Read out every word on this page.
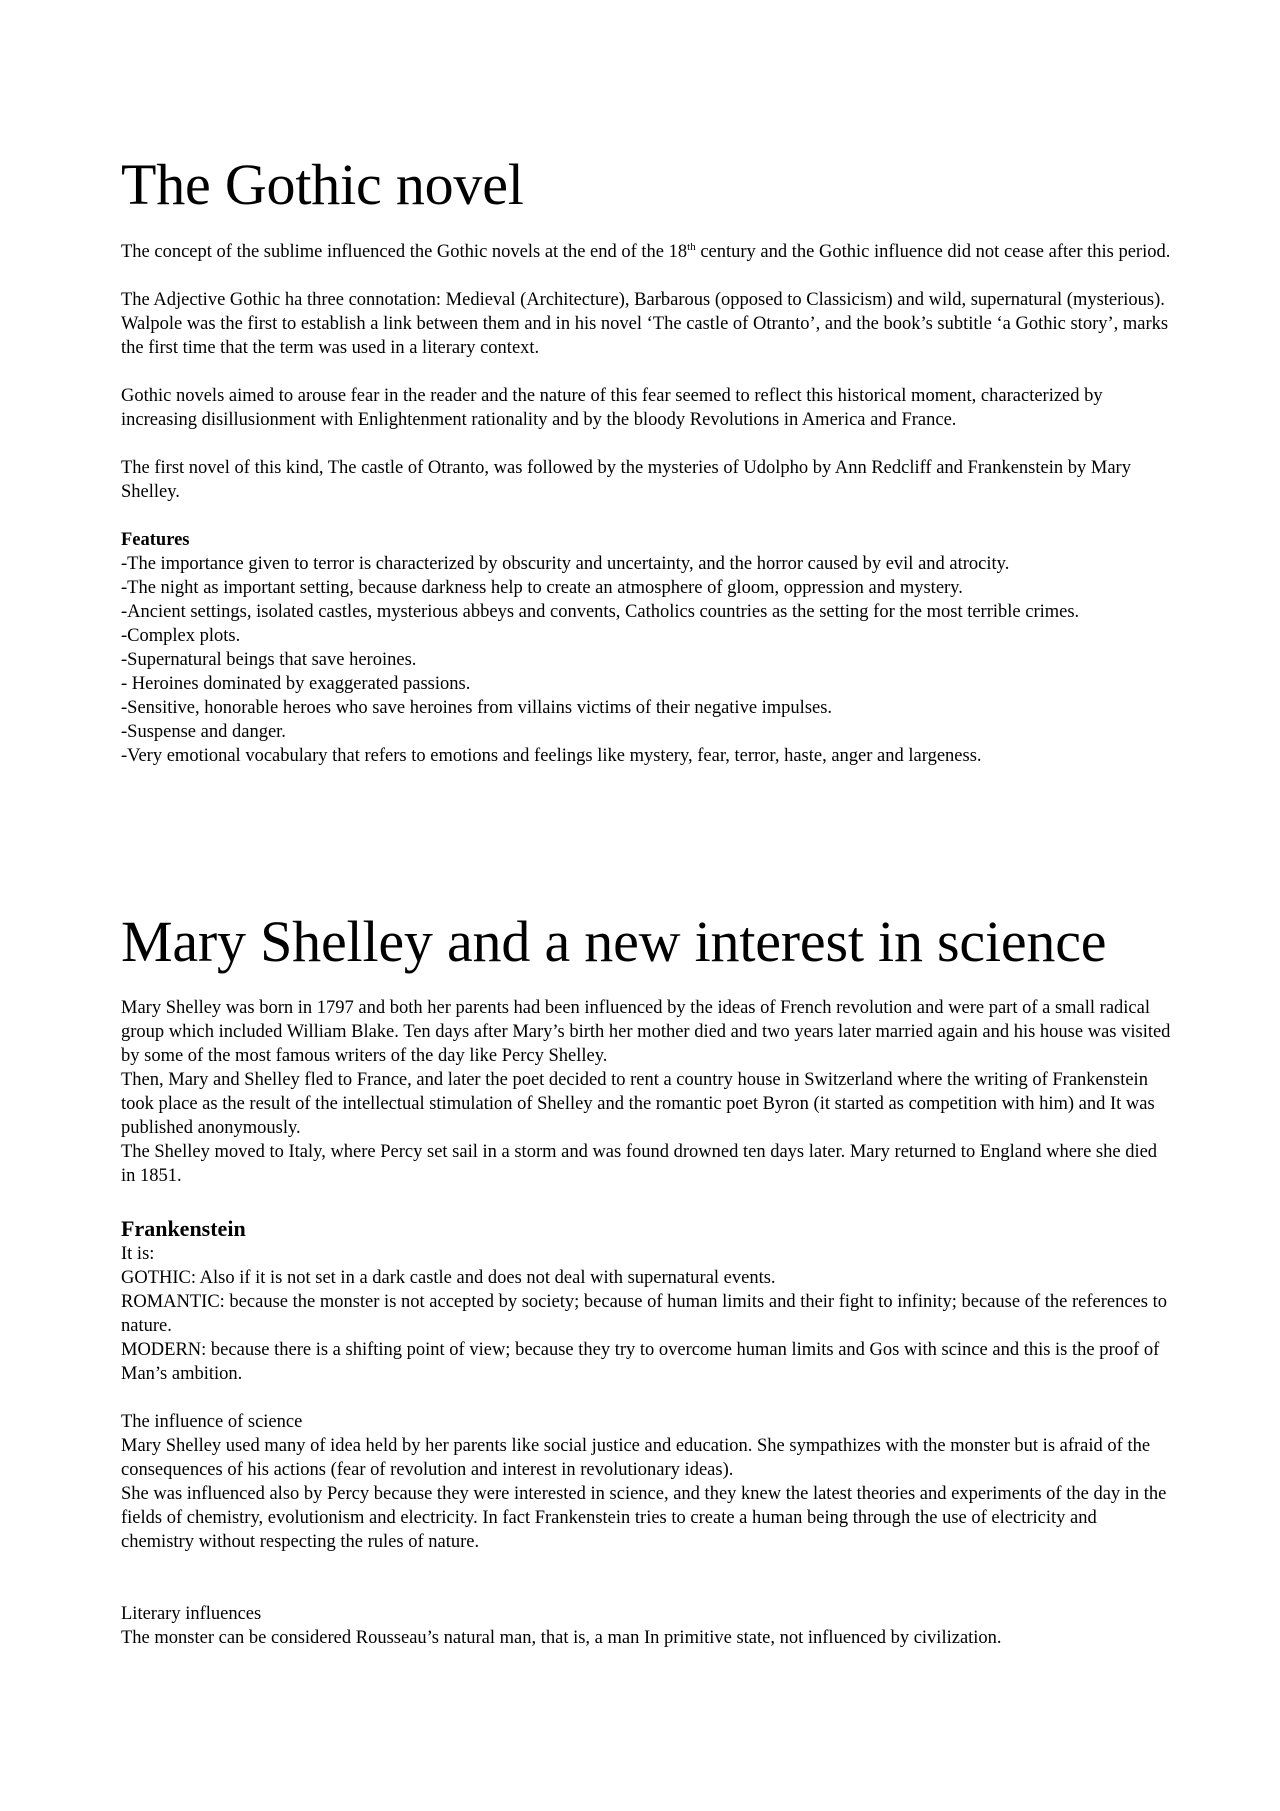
The Gothic novel

The concept of the sublime influenced the Gothic novels at the end of the 18th century and the Gothic influence did not cease after this period.

The Adjective Gothic ha three connotation: Medieval (Architecture), Barbarous (opposed to Classicism) and wild, supernatural (mysterious).

Walpole was the first to establish a link between them and in his novel ‘The castle of Otranto’, and the book’s subtitle ‘a Gothic story’, marks the first time that the term was used in a literary context.

Gothic novels aimed to arouse fear in the reader and the nature of this fear seemed to reflect this historical moment, characterized by increasing disillusionment with Enlightenment rationality and by the bloody Revolutions in America and France.

The first novel of this kind, The castle of Otranto, was followed by the mysteries of Udolpho by Ann Redcliff and Frankenstein by Mary Shelley.

Features

-The importance given to terror is characterized by obscurity and uncertainty, and the horror caused by evil and atrocity.

-The night as important setting, because darkness help to create an atmosphere of gloom, oppression and mystery.

-Ancient settings, isolated castles, mysterious abbeys and convents, Catholics countries as the setting for the most terrible crimes.

-Complex plots.

-Supernatural beings that save heroines.

- Heroines dominated by exaggerated passions.

-Sensitive, honorable heroes who save heroines from villains victims of their negative impulses.

-Suspense and danger.

-Very emotional vocabulary that refers to emotions and feelings like mystery, fear, terror, haste, anger and largeness.

Mary Shelley and a new interest in science

Mary Shelley was born in 1797 and both her parents had been influenced by the ideas of French revolution and were part of a small radical group which included William Blake. Ten days after Mary’s birth her mother died and two years later married again and his house was visited by some of the most famous writers of the day like Percy Shelley.

Then, Mary and Shelley fled to France, and later the poet decided to rent a country house in Switzerland where the writing of Frankenstein took place as the result of the intellectual stimulation of Shelley and the romantic poet Byron (it started as competition with him) and It was published anonymously.

The Shelley moved to Italy, where Percy set sail in a storm and was found drowned ten days later. Mary returned to England where she died in 1851.

Frankenstein

It is:

GOTHIC: Also if it is not set in a dark castle and does not deal with supernatural events.

ROMANTIC: because the monster is not accepted by society; because of human limits and their fight to infinity; because of the references to nature.

MODERN: because there is a shifting point of view; because they try to overcome human limits and Gos with scince and this is the proof of Man’s ambition.

The influence of science

Mary Shelley used many of idea held by her parents like social justice and education. She sympathizes with the monster but is afraid of the consequences of his actions (fear of revolution and interest in revolutionary ideas).

She was influenced also by Percy because they were interested in science, and they knew the latest theories and experiments of the day in the fields of chemistry, evolutionism and electricity. In fact Frankenstein tries to create a human being through the use of electricity and chemistry without respecting the rules of nature.

Literary influences

The monster can be considered Rousseau’s natural man, that is, a man In primitive state, not influenced by civilization.
